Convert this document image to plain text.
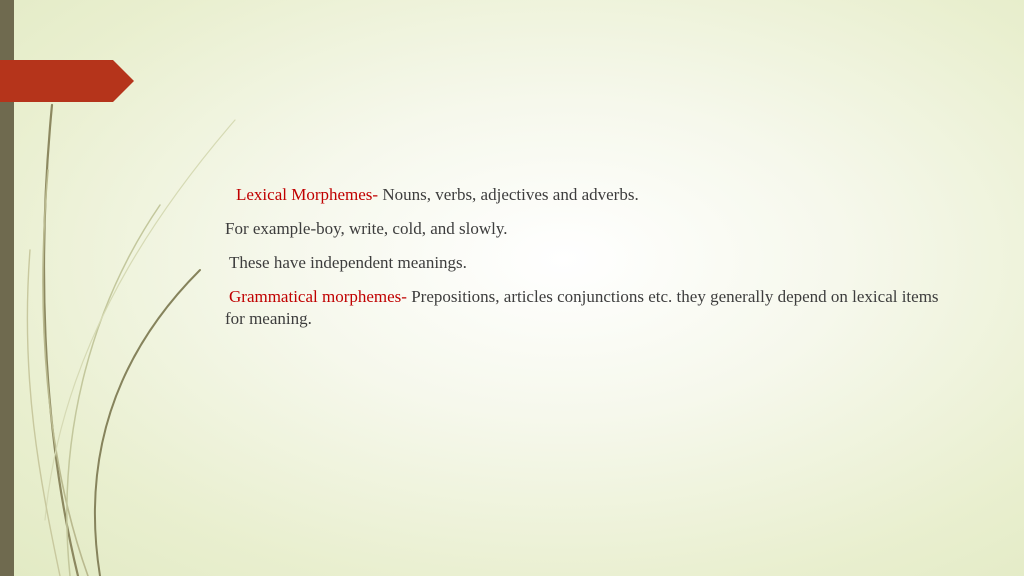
Lexical Morphemes- Nouns, verbs, adjectives and adverbs.

For example-boy, write, cold, and slowly.

These have independent meanings.

Grammatical morphemes- Prepositions, articles conjunctions etc. they generally depend on lexical items for meaning.
